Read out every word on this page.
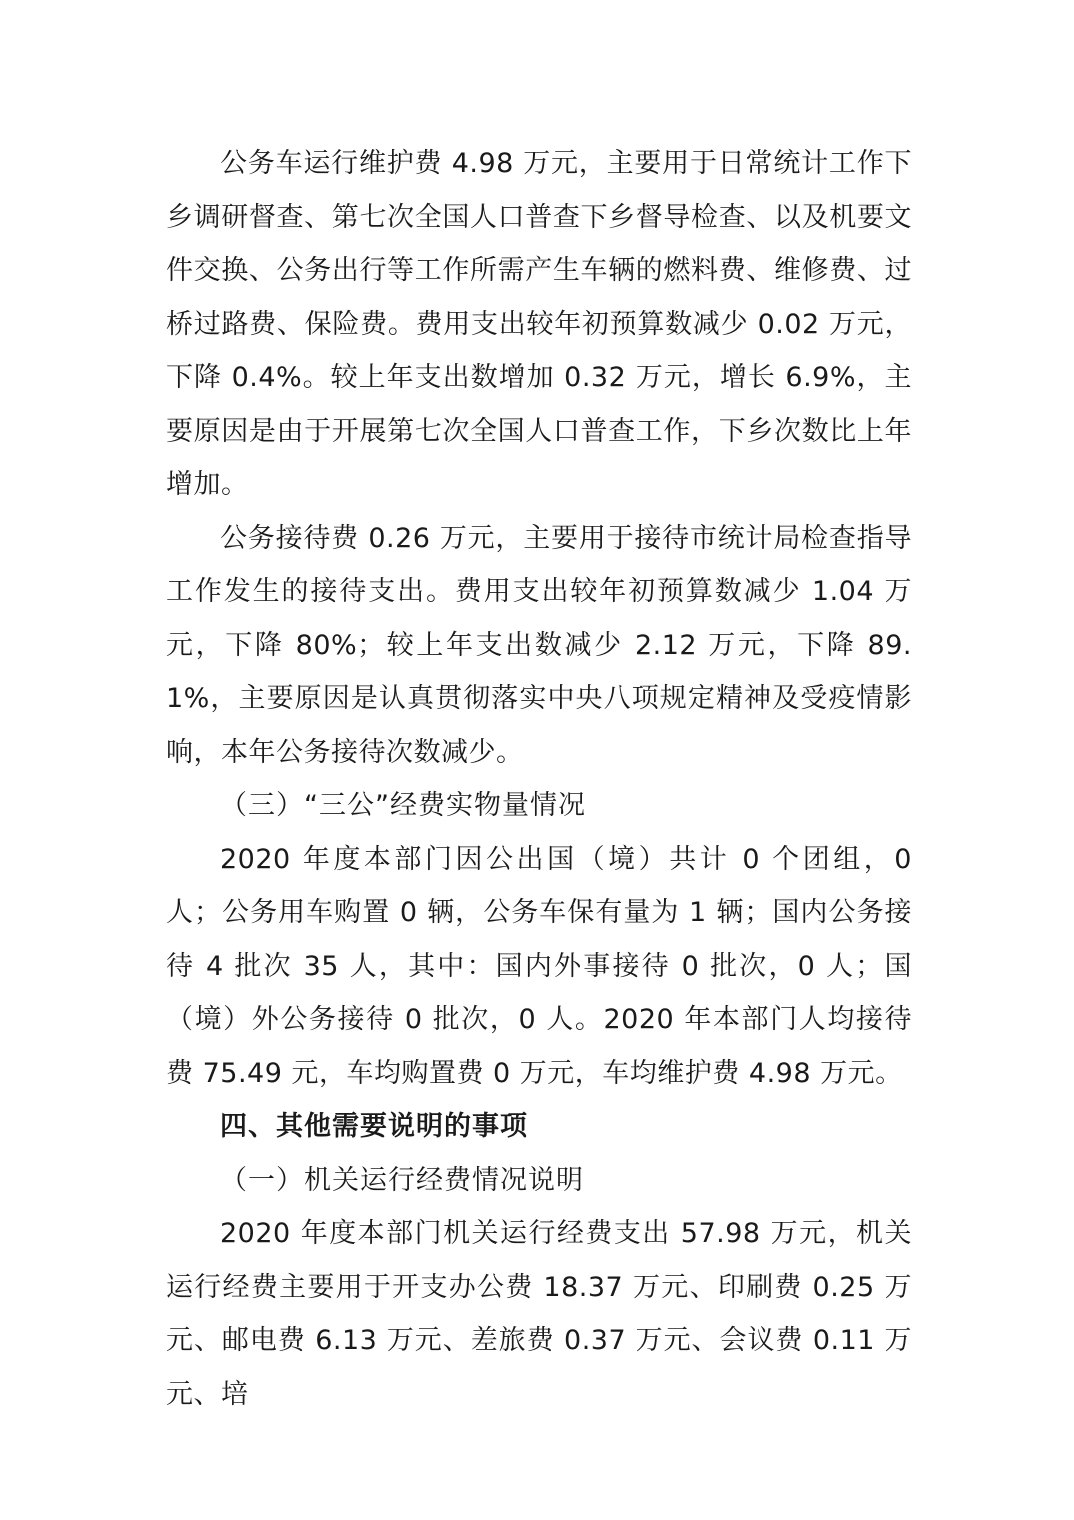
公务车运行维护费 4.98 万元，主要用于日常统计工作下乡调研督查、第七次全国人口普查下乡督导检查、以及机要文件交换、公务出行等工作所需产生车辆的燃料费、维修费、过桥过路费、保险费。费用支出较年初预算数减少 0.02 万元，下降 0.4%。较上年支出数增加 0.32 万元，增长 6.9%，主要原因是由于开展第七次全国人口普查工作，下乡次数比上年增加。

公务接待费 0.26 万元，主要用于接待市统计局检查指导工作发生的接待支出。费用支出较年初预算数减少 1.04 万元，下降 80%；较上年支出数减少 2.12 万元，下降 89.1%，主要原因是认真贯彻落实中央八项规定精神及受疫情影响，本年公务接待次数减少。

（三）“三公”经费实物量情况

2020 年度本部门因公出国（境）共计 0 个团组，0 人；公务用车购置 0 辆，公务车保有量为 1 辆；国内公务接待 4 批次 35 人，其中：国内外事接待 0 批次，0 人；国（境）外公务接待 0 批次，0 人。2020 年本部门人均接待费 75.49 元，车均购置费 0 万元，车均维护费 4.98 万元。

四、其他需要说明的事项

（一）机关运行经费情况说明

2020 年度本部门机关运行经费支出 57.98 万元，机关运行经费主要用于开支办公费 18.37 万元、印刷费 0.25 万元、邮电费 6.13 万元、差旅费 0.37 万元、会议费 0.11 万元、培
